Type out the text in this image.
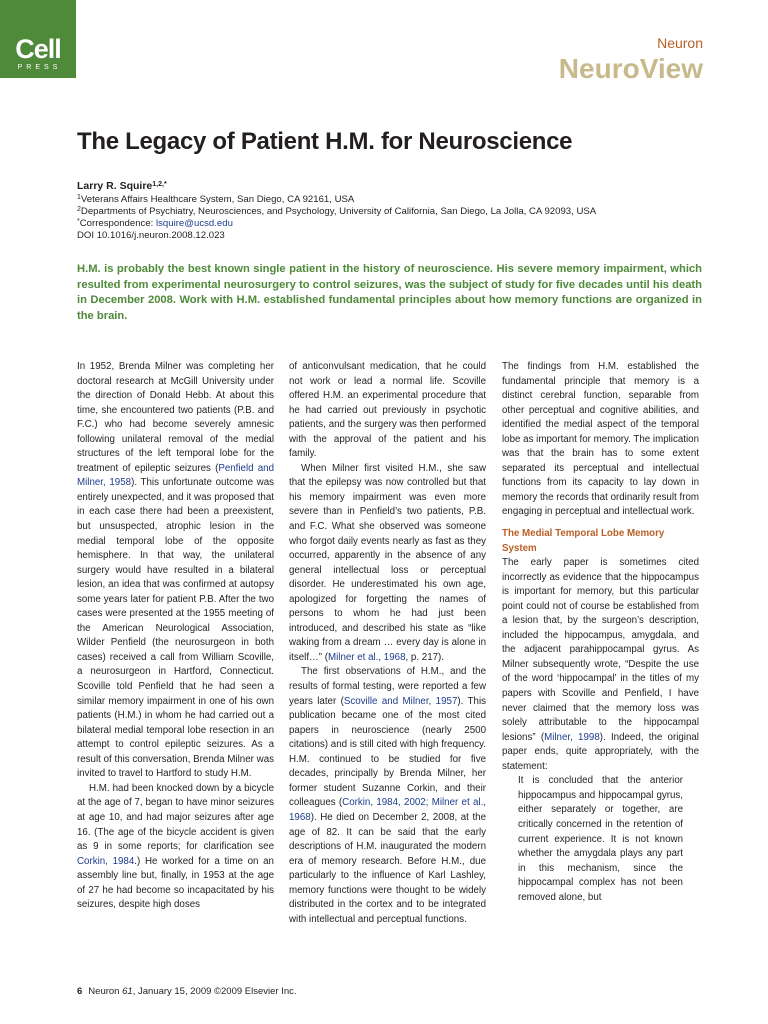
Cell
PRESS
Neuron
NeuroView
The Legacy of Patient H.M. for Neuroscience
Larry R. Squire$^{1,2,*}$
$^1$Veterans Affairs Healthcare System, San Diego, CA 92161, USA
$^2$Departments of Psychiatry, Neurosciences, and Psychology, University of California, San Diego, La Jolla, CA 92093, USA
*Correspondence: lsquire@ucsd.edu
DOI 10.1016/j.neuron.2008.12.023
H.M. is probably the best known single patient in the history of neuroscience. His severe memory impairment, which resulted from experimental neurosurgery to control seizures, was the subject of study for five decades until his death in December 2008. Work with H.M. established fundamental principles about how memory functions are organized in the brain.

In 1952, Brenda Milner was completing her doctoral research at McGill University under the direction of Donald Hebb. At about this time, she encountered two patients (P.B. and F.C.) who had become severely amnesic following unilateral removal of the medial structures of the left temporal lobe for the treatment of epileptic seizures (Penfield and Milner, 1958). This unfortunate outcome was entirely unexpected, and it was proposed that in each case there had been a preexistent, but unsuspected, atrophic lesion in the medial temporal lobe of the opposite hemisphere. In that way, the unilateral surgery would have resulted in a bilateral lesion, an idea that was confirmed at autopsy some years later for patient P.B. After the two cases were presented at the 1955 meeting of the American Neurological Association, Wilder Penfield (the neurosurgeon in both cases) received a call from William Scoville, a neurosurgeon in Hartford, Connecticut. Scoville told Penfield that he had seen a similar memory impairment in one of his own patients (H.M.) in whom he had carried out a bilateral medial temporal lobe resection in an attempt to control epileptic seizures. As a result of this conversation, Brenda Milner was invited to travel to Hartford to study H.M.

H.M. had been knocked down by a bicycle at the age of 7, began to have minor seizures at age 10, and had major seizures after age 16. (The age of the bicycle accident is given as 9 in some reports; for clarification see Corkin, 1984.) He worked for a time on an assembly line but, finally, in 1953 at the age of 27 he had become so incapacitated by his seizures, despite high doses

of anticonvulsant medication, that he could not work or lead a normal life. Scoville offered H.M. an experimental procedure that he had carried out previously in psychotic patients, and the surgery was then performed with the approval of the patient and his family.

When Milner first visited H.M., she saw that the epilepsy was now controlled but that his memory impairment was even more severe than in Penfield’s two patients, P.B. and F.C. What she observed was someone who forgot daily events nearly as fast as they occurred, apparently in the absence of any general intellectual loss or perceptual disorder. He underestimated his own age, apologized for forgetting the names of persons to whom he had just been introduced, and described his state as “like waking from a dream … every day is alone in itself…” (Milner et al., 1968, p. 217).

The first observations of H.M., and the results of formal testing, were reported a few years later (Scoville and Milner, 1957). This publication became one of the most cited papers in neuroscience (nearly 2500 citations) and is still cited with high frequency. H.M. continued to be studied for five decades, principally by Brenda Milner, her former student Suzanne Corkin, and their colleagues (Corkin, 1984, 2002; Milner et al., 1968). He died on December 2, 2008, at the age of 82. It can be said that the early descriptions of H.M. inaugurated the modern era of memory research. Before H.M., due particularly to the influence of Karl Lashley, memory functions were thought to be widely distributed in the cortex and to be integrated with intellectual and perceptual functions.

The findings from H.M. established the fundamental principle that memory is a distinct cerebral function, separable from other perceptual and cognitive abilities, and identified the medial aspect of the temporal lobe as important for memory. The implication was that the brain has to some extent separated its perceptual and intellectual functions from its capacity to lay down in memory the records that ordinarily result from engaging in perceptual and intellectual work.

The Medial Temporal Lobe Memory System

The early paper is sometimes cited incorrectly as evidence that the hippocampus is important for memory, but this particular point could not of course be established from a lesion that, by the surgeon’s description, included the hippocampus, amygdala, and the adjacent parahippocampal gyrus. As Milner subsequently wrote, “Despite the use of the word ‘hippocampal’ in the titles of my papers with Scoville and Penfield, I have never claimed that the memory loss was solely attributable to the hippocampal lesions” (Milner, 1998). Indeed, the original paper ends, quite appropriately, with the statement:

It is concluded that the anterior hippocampus and hippocampal gyrus, either separately or together, are critically concerned in the retention of current experience. It is not known whether the amygdala plays any part in this mechanism, since the hippocampal complex has not been removed alone, but

6 Neuron 61, January 15, 2009 ©2009 Elsevier Inc.
